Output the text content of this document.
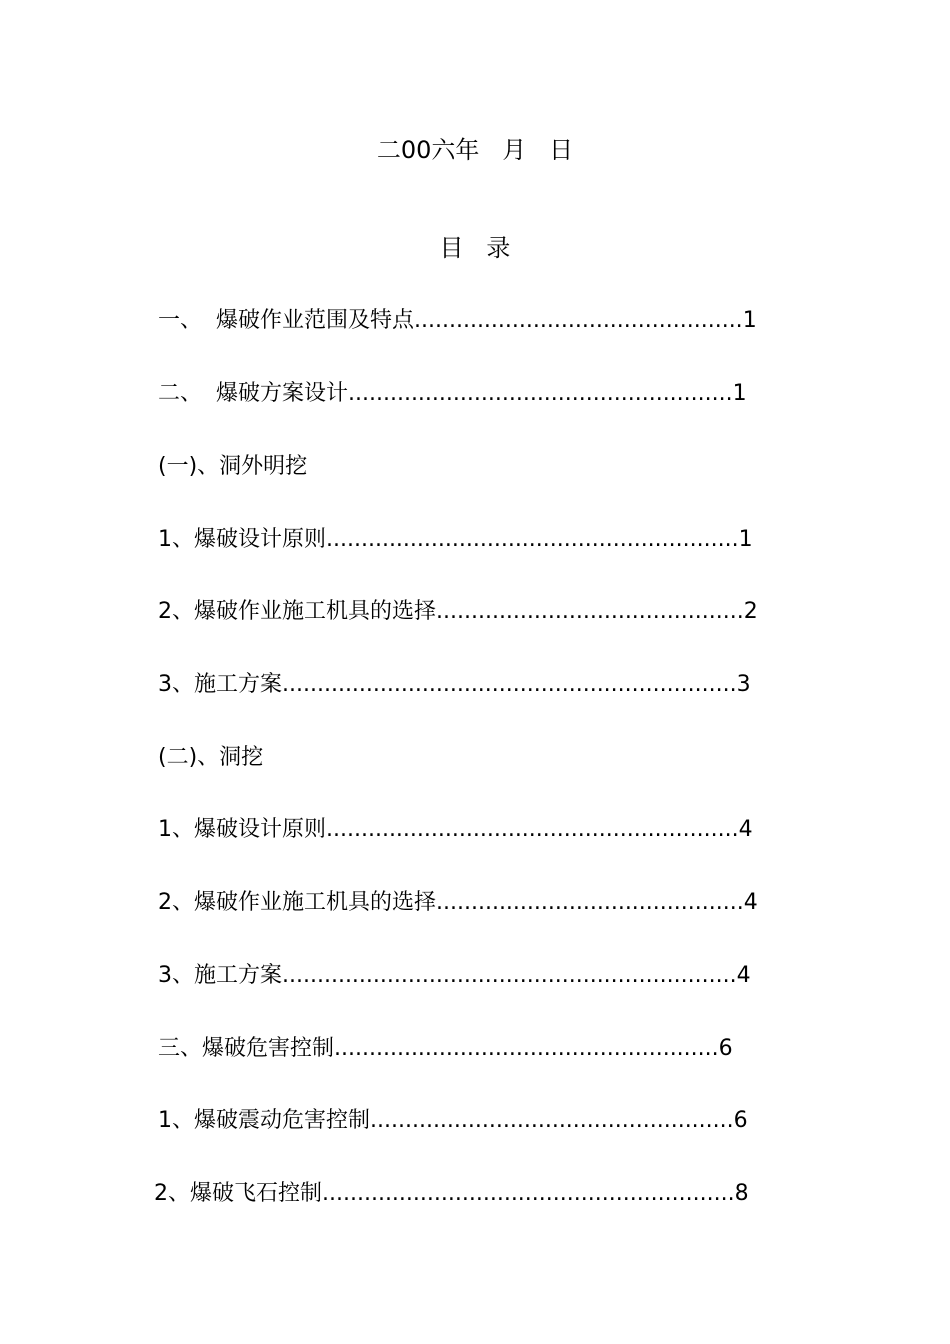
二00六年   月   日
目   录
一、  爆破作业范围及特点...............................................1
二、  爆破方案设计.......................................................1
(一)、洞外明挖
1、爆破设计原则...........................................................1
2、爆破作业施工机具的选择............................................2
3、施工方案.................................................................3
(二)、洞挖
1、爆破设计原则...........................................................4
2、爆破作业施工机具的选择............................................4
3、施工方案.................................................................4
三、爆破危害控制.......................................................6
1、爆破震动危害控制....................................................6
2、爆破飞石控制...........................................................8
